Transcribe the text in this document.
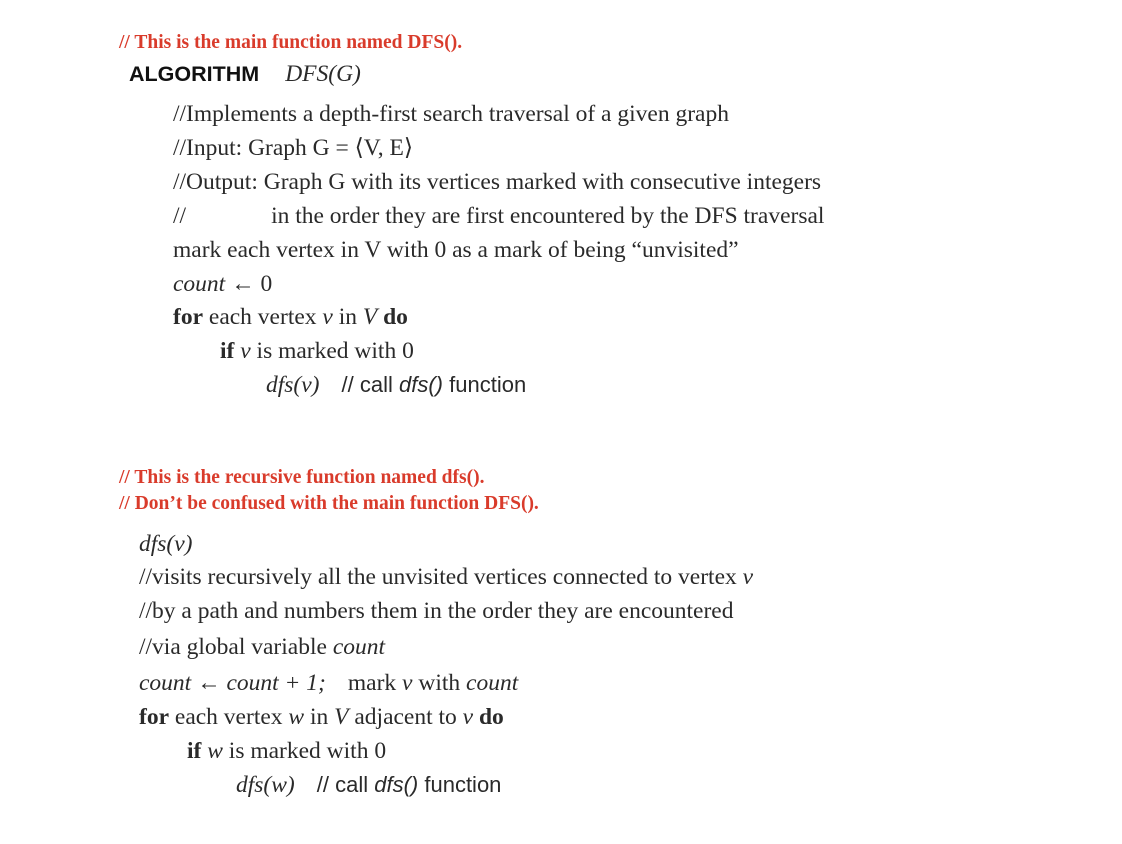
// This is the main function named DFS().
ALGORITHM DFS(G)
//Implements a depth-first search traversal of a given graph
//Input: Graph G = ⟨V, E⟩
//Output: Graph G with its vertices marked with consecutive integers
//	in the order they are first encountered by the DFS traversal
mark each vertex in V with 0 as a mark of being “unvisited”
count ← 0
for each vertex v in V do
if v is marked with 0
dfs(v) // call dfs() function
// This is the recursive function named dfs().
// Don’t be confused with the main function DFS().
dfs(v)
//visits recursively all the unvisited vertices connected to vertex v
//by a path and numbers them in the order they are encountered
//via global variable count
count ← count + 1; mark v with count
for each vertex w in V adjacent to v do
if w is marked with 0
dfs(w) // call dfs() function
